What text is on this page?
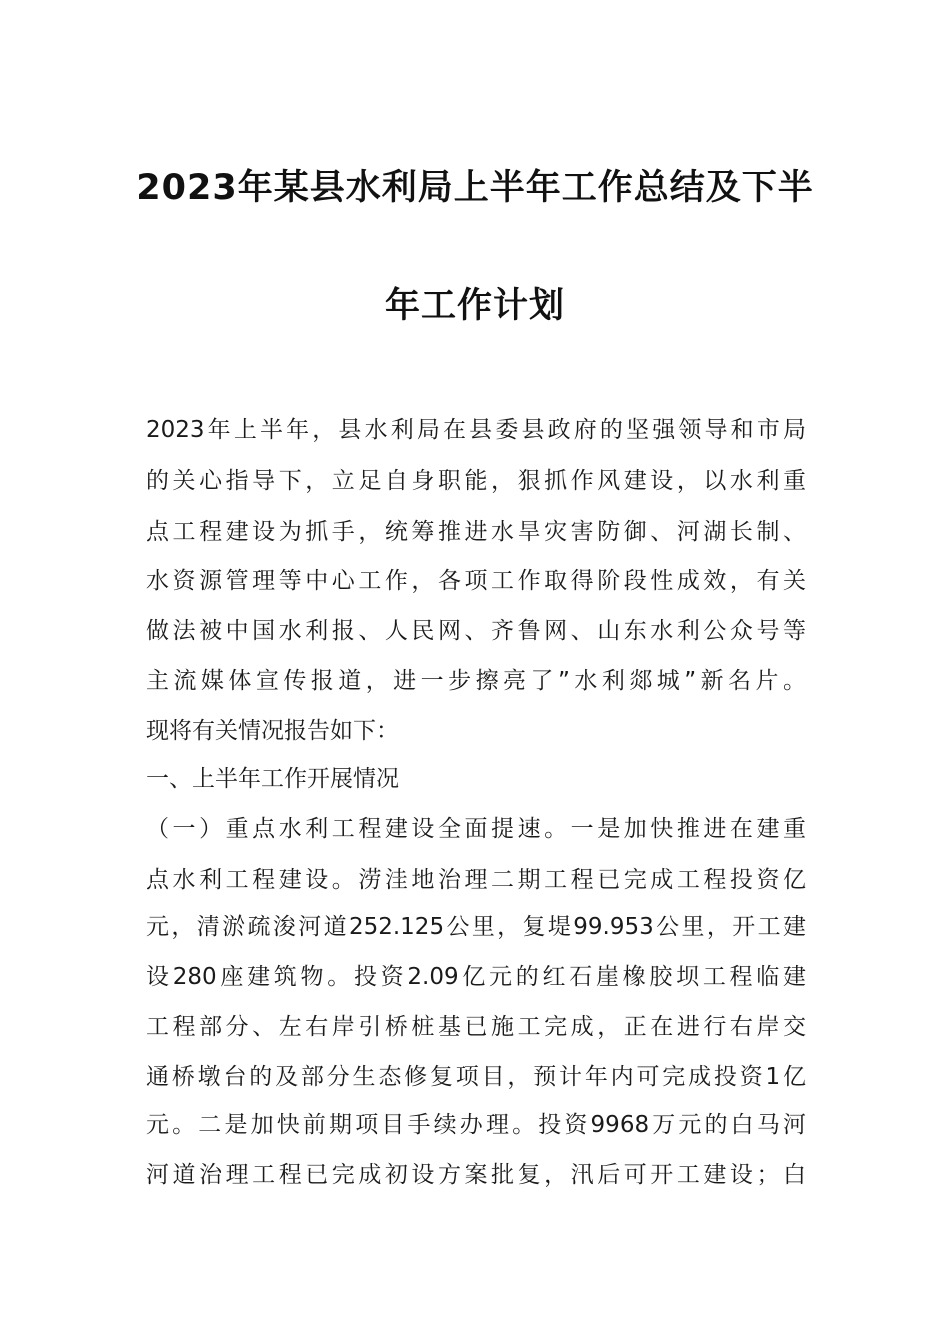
2023年某县水利局上半年工作总结及下半
年工作计划
2023年上半年，县水利局在县委县政府的坚强领导和市局
的关心指导下，立足自身职能，狠抓作风建设，以水利重
点工程建设为抓手，统筹推进水旱灾害防御、河湖长制、
水资源管理等中心工作，各项工作取得阶段性成效，有关
做法被中国水利报、人民网、齐鲁网、山东水利公众号等
主流媒体宣传报道，进一步擦亮了”水利郯城”新名片。
现将有关情况报告如下：
一、上半年工作开展情况
（一）重点水利工程建设全面提速。一是加快推进在建重
点水利工程建设。涝洼地治理二期工程已完成工程投资亿
元，清淤疏浚河道252.125公里，复堤99.953公里，开工建
设280座建筑物。投资2.09亿元的红石崖橡胶坝工程临建
工程部分、左右岸引桥桩基已施工完成，正在进行右岸交
通桥墩台的及部分生态修复项目，预计年内可完成投资1亿
元。二是加快前期项目手续办理。投资9968万元的白马河
河道治理工程已完成初设方案批复，汛后可开工建设；白
